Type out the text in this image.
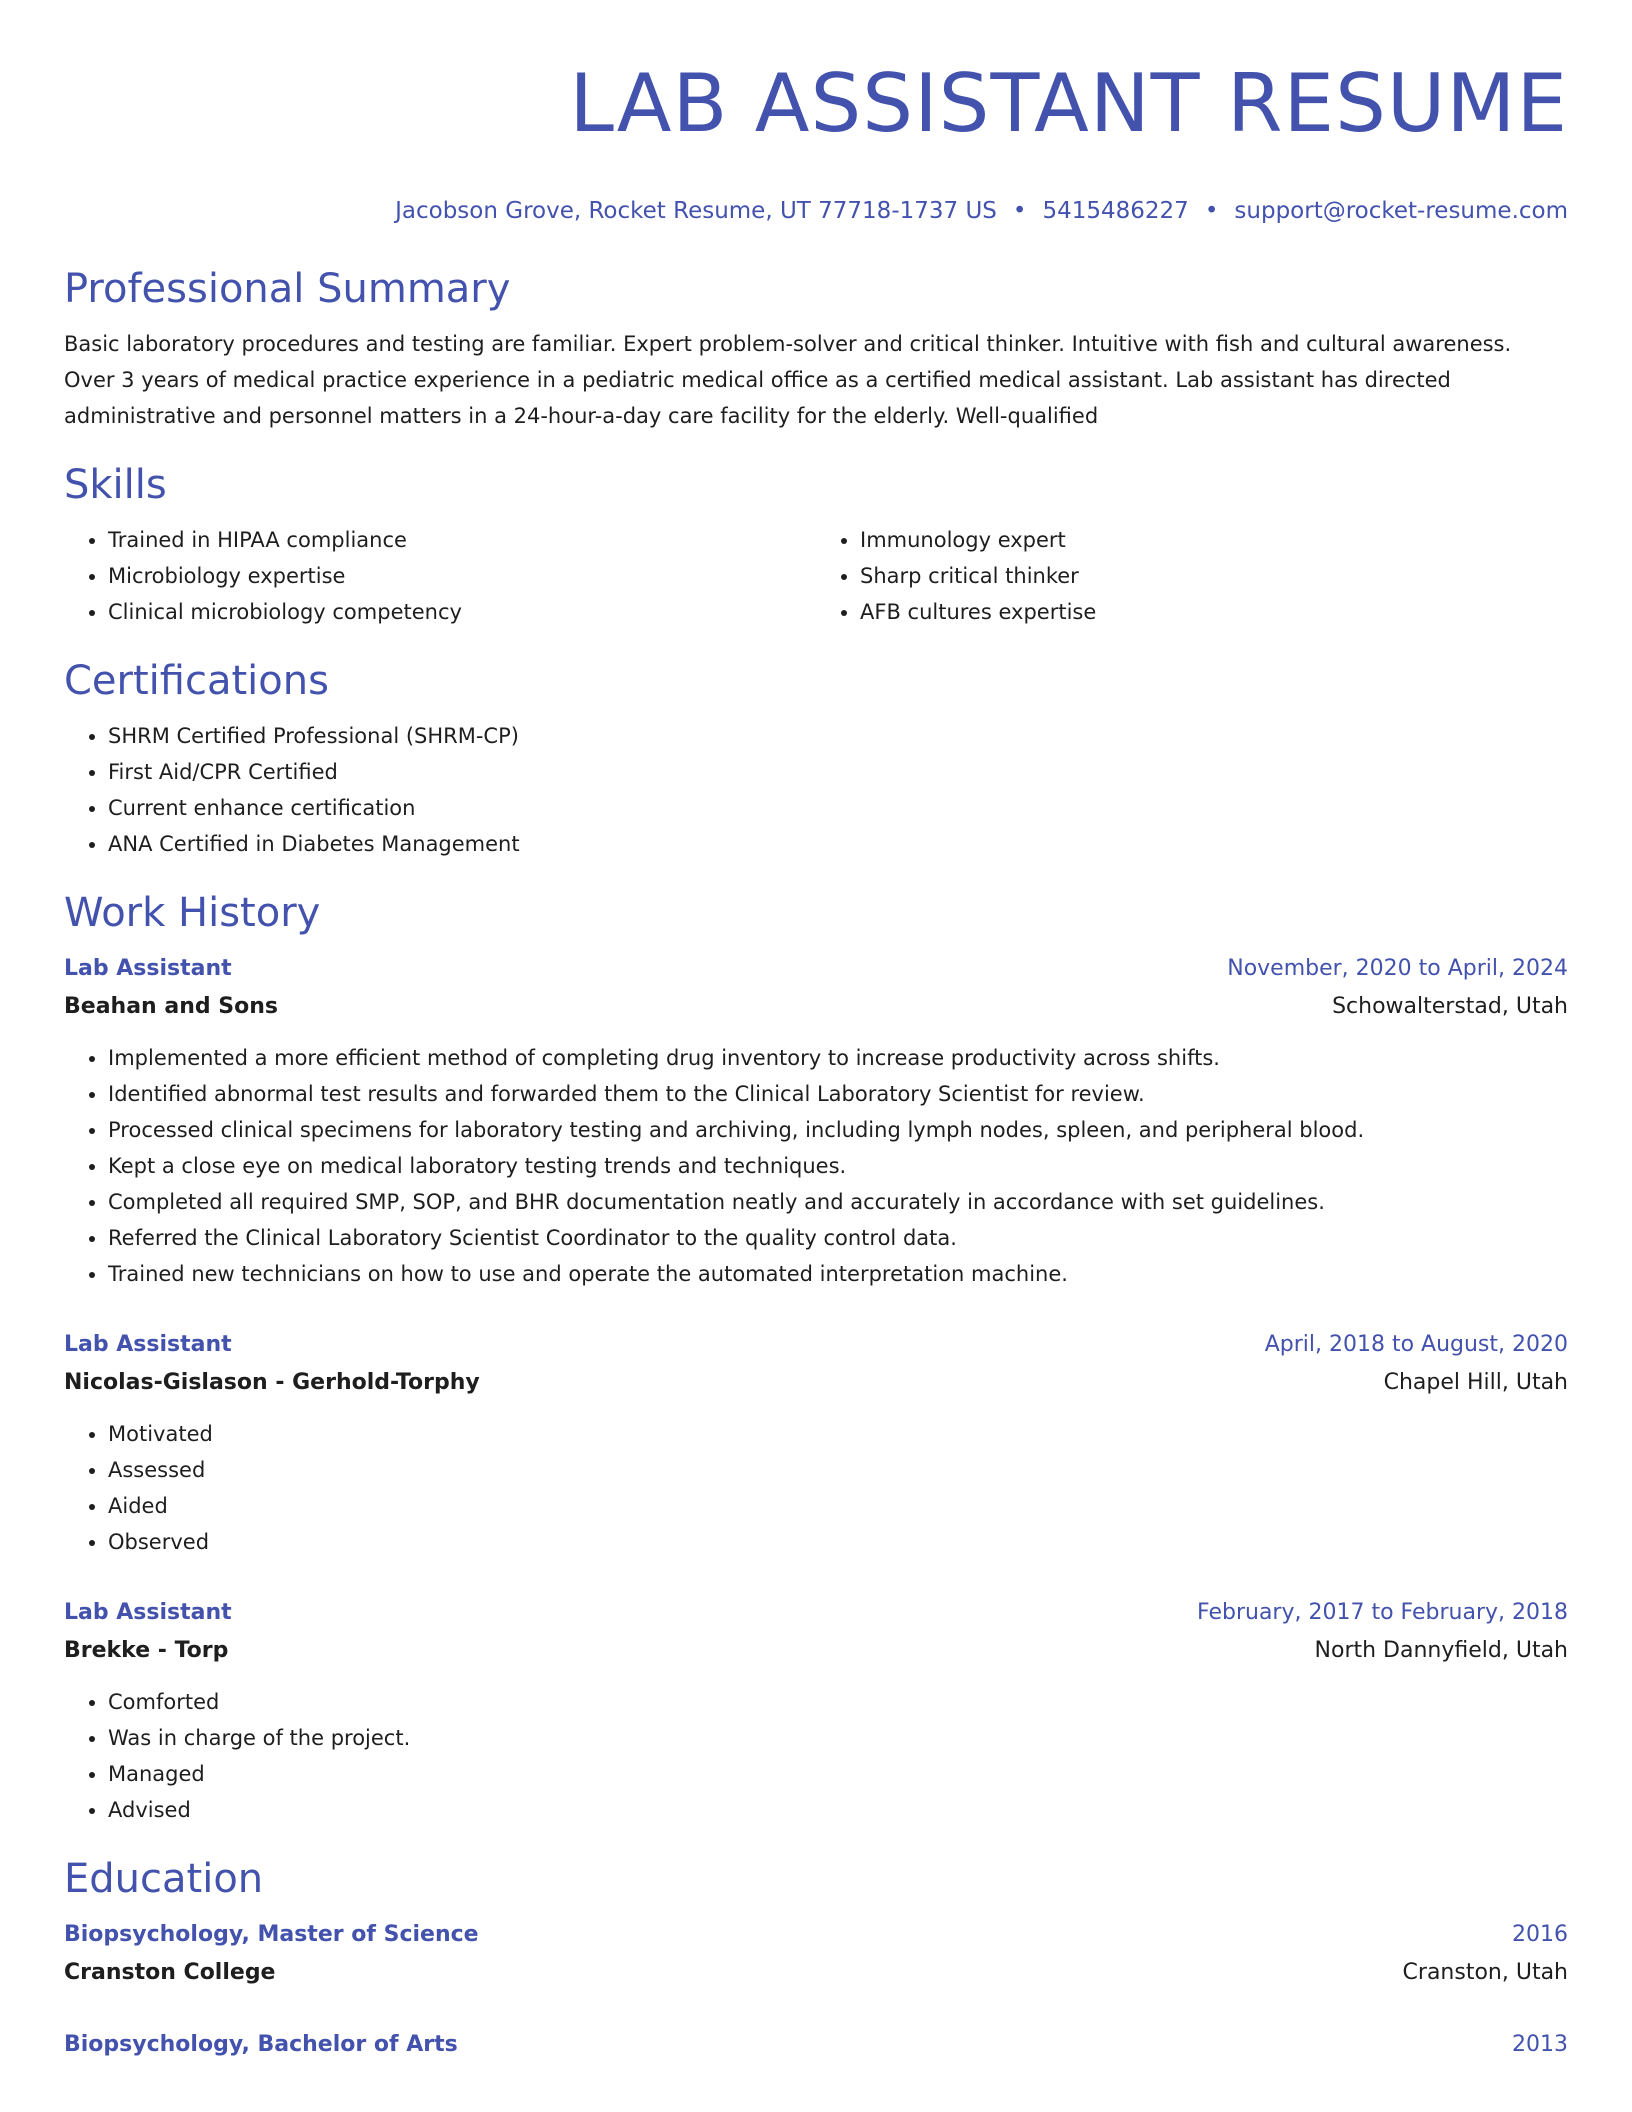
LAB ASSISTANT RESUME
Jacobson Grove, Rocket Resume, UT 77718-1737 US • 5415486227 • support@rocket-resume.com
Professional Summary

Basic laboratory procedures and testing are familiar. Expert problem-solver and critical thinker. Intuitive with fish and cultural awareness. Over 3 years of medical practice experience in a pediatric medical office as a certified medical assistant. Lab assistant has directed administrative and personnel matters in a 24-hour-a-day care facility for the elderly. Well-qualified

Skills
• Trained in HIPAA compliance
• Microbiology expertise
• Clinical microbiology competency
• Immunology expert
• Sharp critical thinker
• AFB cultures expertise
Certifications
• SHRM Certified Professional (SHRM-CP)
• First Aid/CPR Certified
• Current enhance certification
• ANA Certified in Diabetes Management
Work History
Lab Assistant	November, 2020 to April, 2024
Beahan and Sons	Schowalterstad, Utah
• Implemented a more efficient method of completing drug inventory to increase productivity across shifts.
• Identified abnormal test results and forwarded them to the Clinical Laboratory Scientist for review.
• Processed clinical specimens for laboratory testing and archiving, including lymph nodes, spleen, and peripheral blood.
• Kept a close eye on medical laboratory testing trends and techniques.
• Completed all required SMP, SOP, and BHR documentation neatly and accurately in accordance with set guidelines.
• Referred the Clinical Laboratory Scientist Coordinator to the quality control data.
• Trained new technicians on how to use and operate the automated interpretation machine.
Lab Assistant	April, 2018 to August, 2020
Nicolas-Gislason - Gerhold-Torphy	Chapel Hill, Utah
• Motivated
• Assessed
• Aided
• Observed
Lab Assistant	February, 2017 to February, 2018
Brekke - Torp	North Dannyfield, Utah
• Comforted
• Was in charge of the project.
• Managed
• Advised
Education
Biopsychology, Master of Science	2016
Cranston College	Cranston, Utah
Biopsychology, Bachelor of Arts	2013
